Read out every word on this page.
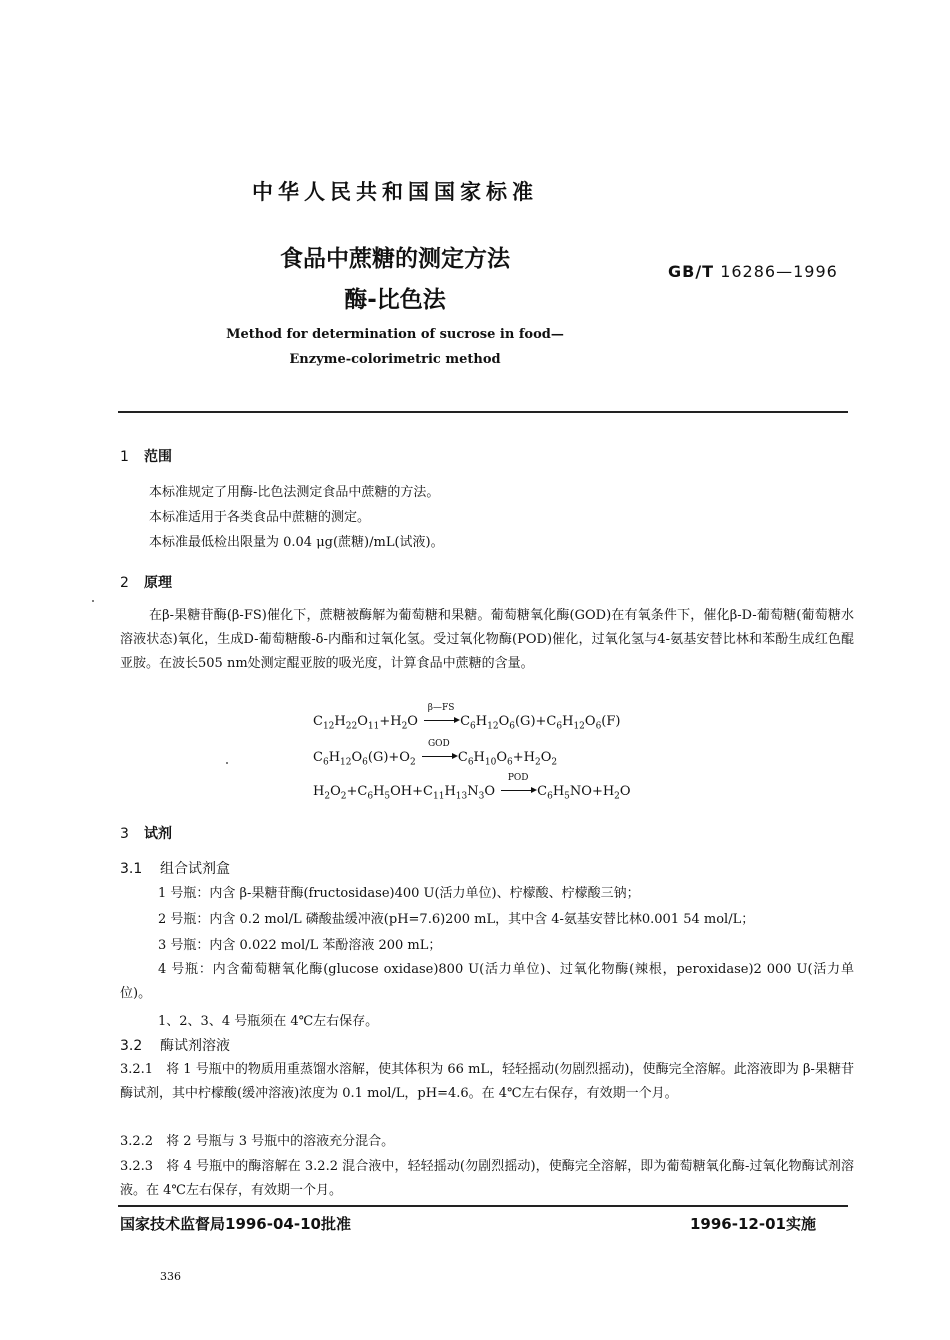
中华人民共和国国家标准
食品中蔗糖的测定方法
酶-比色法
GB/T 16286—1996
Method for determination of sucrose in food—
Enzyme-colorimetric method
1 范围
本标准规定了用酶-比色法测定食品中蔗糖的方法。
本标准适用于各类食品中蔗糖的测定。
本标准最低检出限量为 0.04 μg(蔗糖)/mL(试液)。
2 原理
在β-果糖苷酶(β-FS)催化下，蔗糖被酶解为葡萄糖和果糖。葡萄糖氧化酶(GOD)在有氧条件下，催化β-D-葡萄糖(葡萄糖水溶液状态)氧化，生成D-葡萄糖酸-δ-内酯和过氧化氢。受过氧化物酶(POD)催化，过氧化氢与4-氨基安替比林和苯酚生成红色醌亚胺。在波长505 nm处测定醌亚胺的吸光度，计算食品中蔗糖的含量。
$C_{12}H_{22}O_{11}+H_2O$
β—FS
$C_6H_{12}O_6(G)+C_6H_{12}O_6(F)$
$C_6H_{12}O_6(G)+O_2$
GOD
$C_6H_{10}O_6+H_2O_2$
$H_2O_2+C_6H_5OH+C_{11}H_{13}N_3O$
POD
$C_6H_5NO+H_2O$
3 试剂
3.1 组合试剂盒
1 号瓶：内含 β-果糖苷酶(fructosidase)400 U(活力单位)、柠檬酸、柠檬酸三钠；
2 号瓶：内含 0.2 mol/L 磷酸盐缓冲液(pH=7.6)200 mL，其中含 4-氨基安替比林0.001 54 mol/L；
3 号瓶：内含 0.022 mol/L 苯酚溶液 200 mL；
4 号瓶：内含葡萄糖氧化酶(glucose oxidase)800 U(活力单位)、过氧化物酶(辣根，peroxidase)2 000 U(活力单位)。
1、2、3、4 号瓶须在 4℃左右保存。
3.2 酶试剂溶液
3.2.1　将 1 号瓶中的物质用重蒸馏水溶解，使其体积为 66 mL，轻轻摇动(勿剧烈摇动)，使酶完全溶解。此溶液即为 β-果糖苷酶试剂，其中柠檬酸(缓冲溶液)浓度为 0.1 mol/L，pH=4.6。在 4℃左右保存，有效期一个月。
3.2.2　将 2 号瓶与 3 号瓶中的溶液充分混合。
3.2.3　将 4 号瓶中的酶溶解在 3.2.2 混合液中，轻轻摇动(勿剧烈摇动)，使酶完全溶解，即为葡萄糖氧化酶-过氧化物酶试剂溶液。在 4℃左右保存，有效期一个月。
国家技术监督局1996-04-10批准	1996-12-01实施
336
